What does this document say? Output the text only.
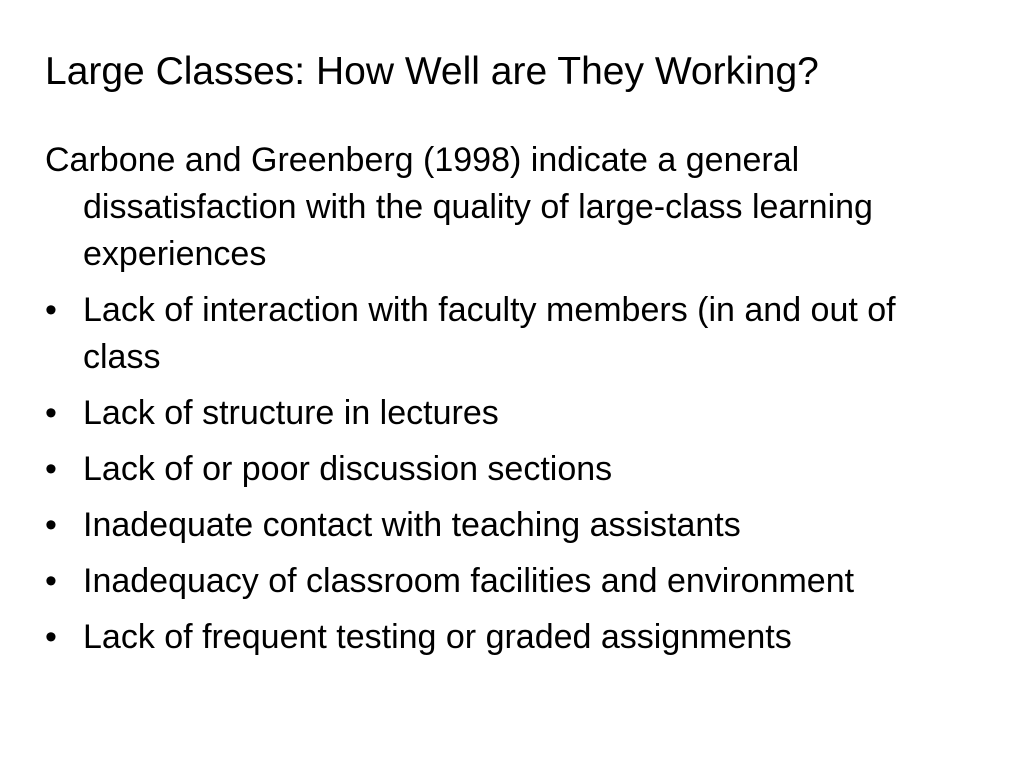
Large Classes: How Well are They Working?

Carbone and Greenberg (1998) indicate a general dissatisfaction with the quality of large-class learning experiences

• Lack of interaction with faculty members (in and out of class
• Lack of structure in lectures
• Lack of or poor discussion sections
• Inadequate contact with teaching assistants
• Inadequacy of classroom facilities and environment
• Lack of frequent testing or graded assignments
